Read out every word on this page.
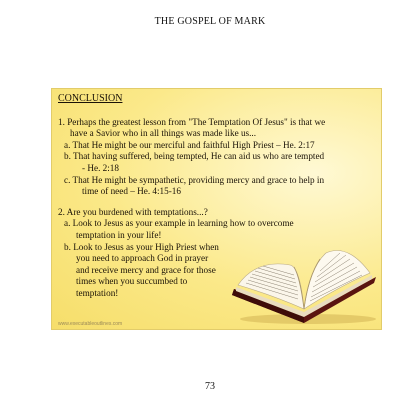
THE GOSPEL OF MARK
CONCLUSION
1. Perhaps the greatest lesson from "The Temptation Of Jesus" is that we
have a Savior who in all things was made like us...
a. That He might be our merciful and faithful High Priest – He. 2:17
b. That having suffered, being tempted, He can aid us who are tempted
- He. 2:18
c. That He might be sympathetic, providing mercy and grace to help in
time of need – He. 4:15-16
2. Are you burdened with temptations...?
a. Look to Jesus as your example in learning how to overcome
temptation in your life!
b. Look to Jesus as your High Priest when
you need to approach God in prayer
and receive mercy and grace for those
times when you succumbed to
temptation!
www.executableoutlines.com
73
